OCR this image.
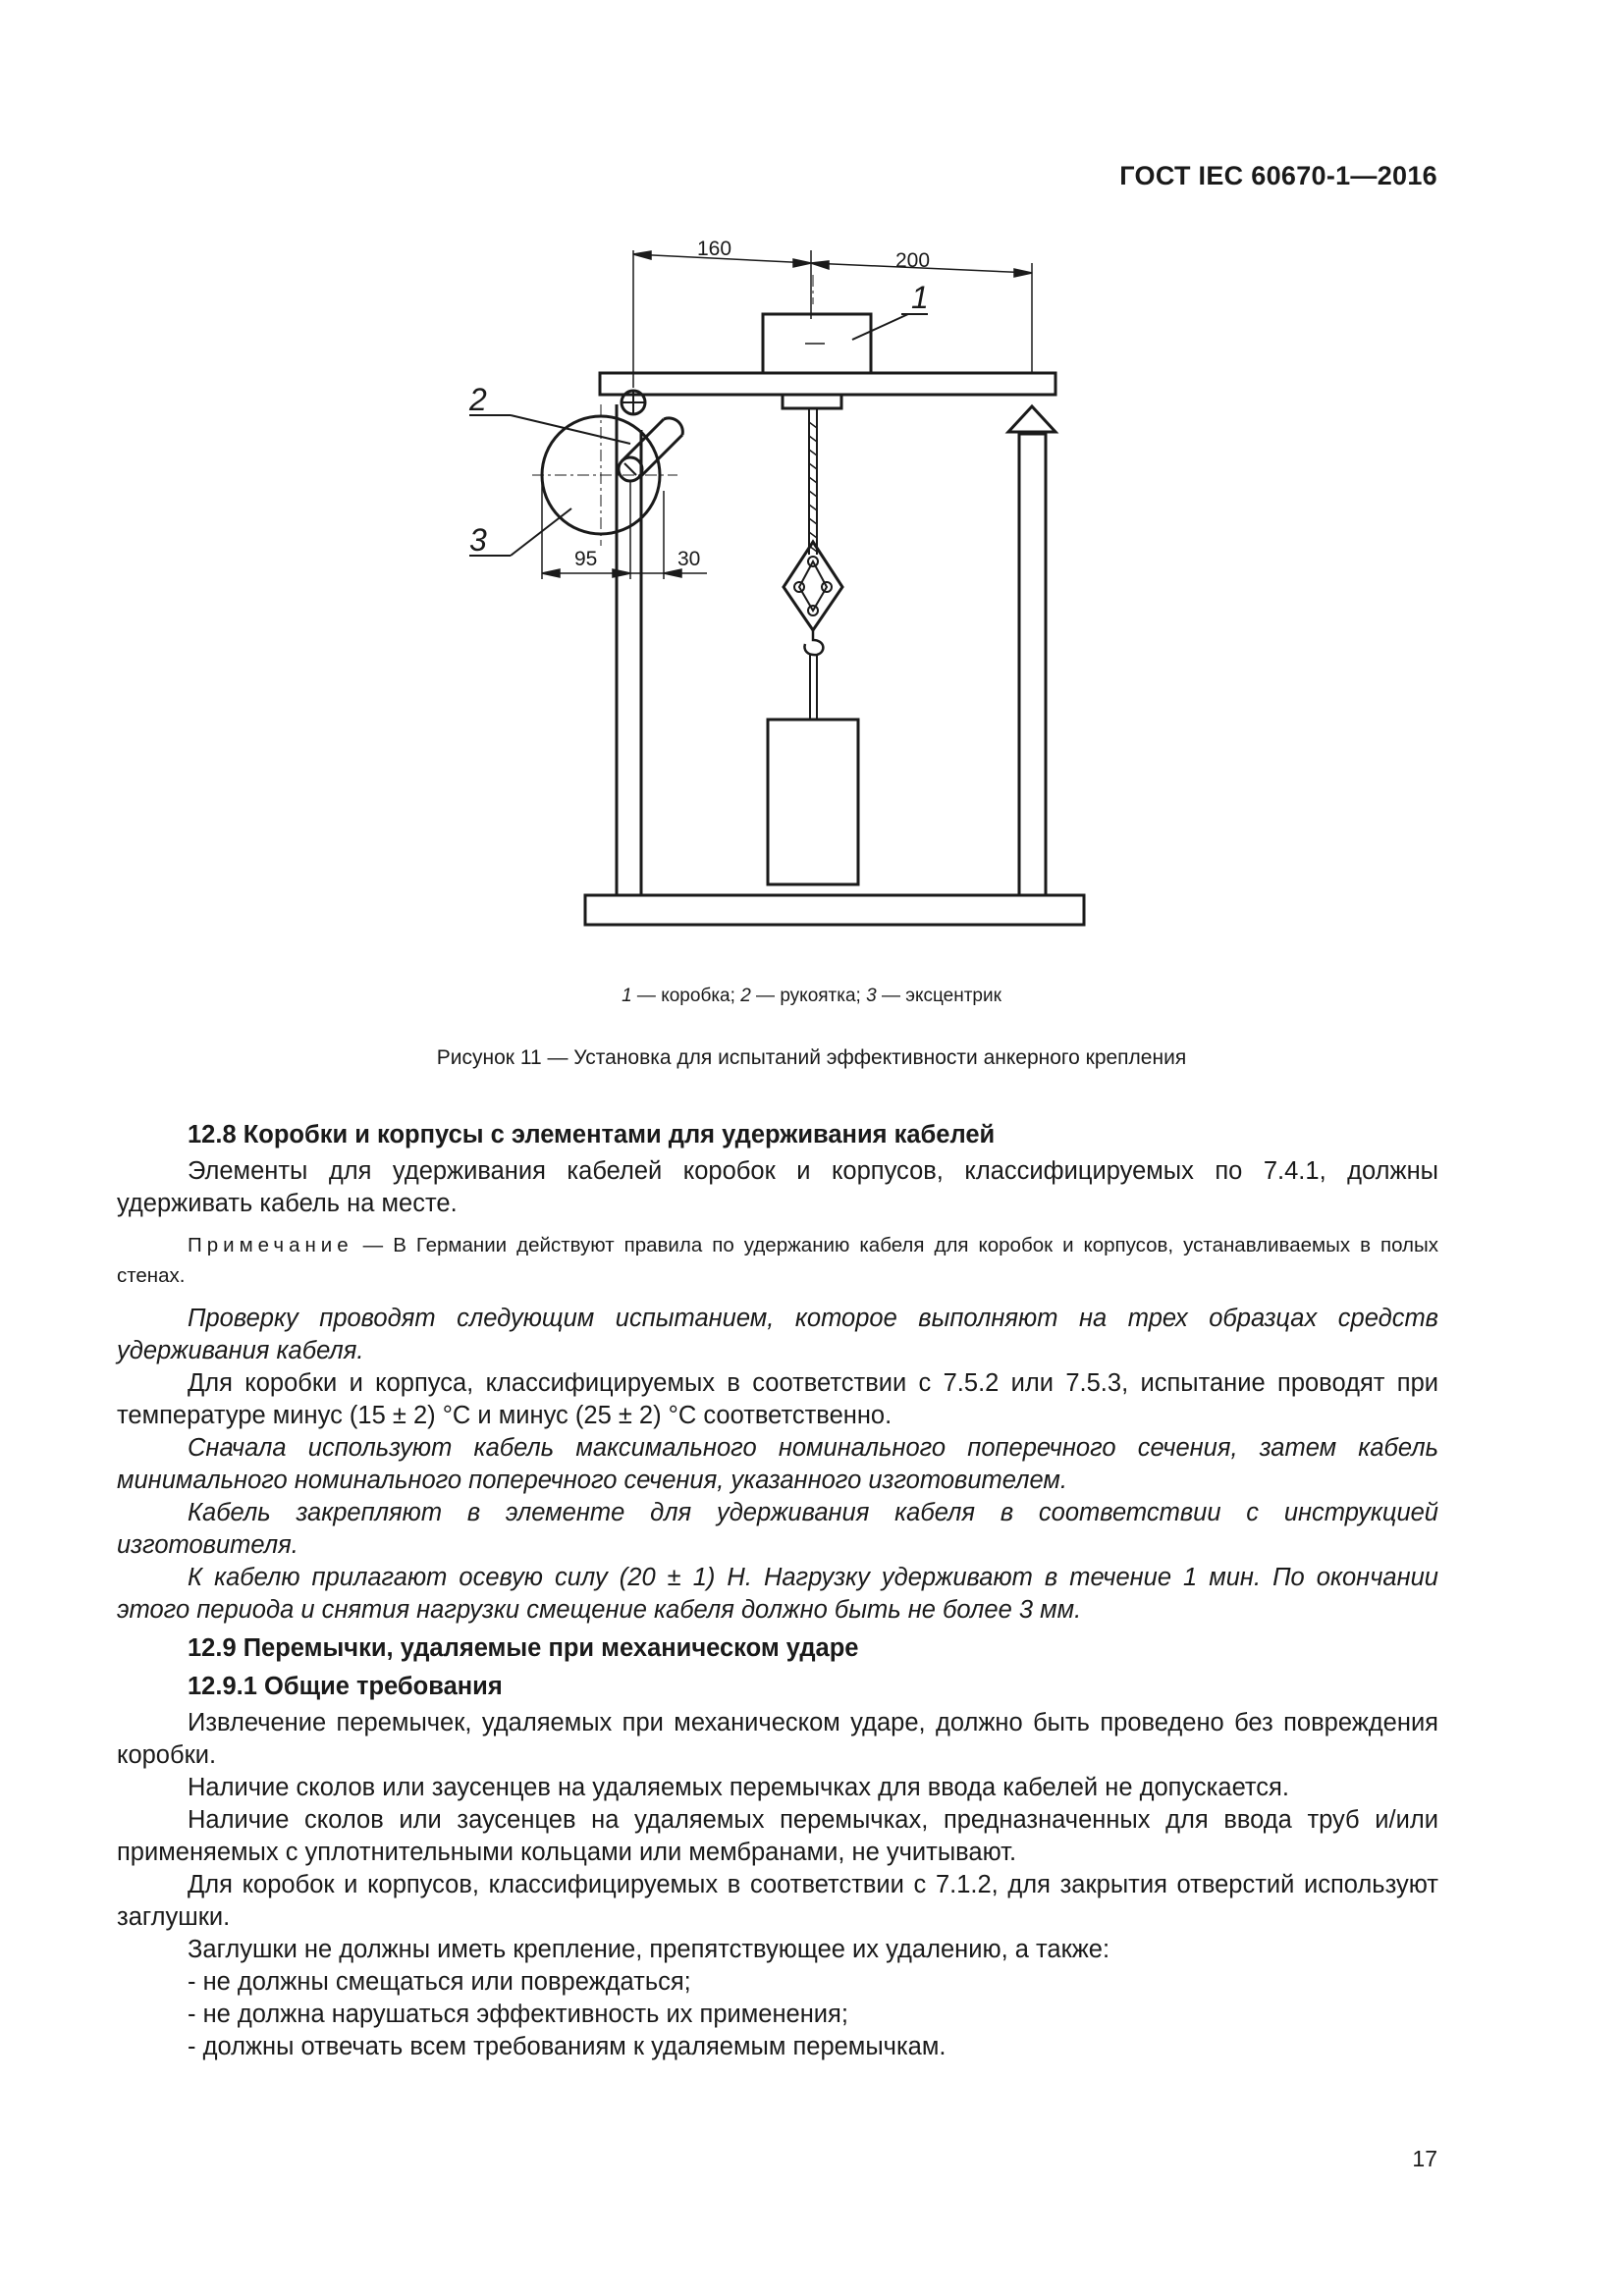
ГОСТ IEC 60670-1—2016
160
200
95	30
1
2
3
1 — коробка; 2 — рукоятка; 3 — эксцентрик
Рисунок 11 — Установка для испытаний эффективности анкерного крепления

12.8 Коробки и корпусы с элементами для удерживания кабелей

Элементы для удерживания кабелей коробок и корпусов, классифицируемых по 7.4.1, должны удерживать кабель на месте.

Примечание — В Германии действуют правила по удержанию кабеля для коробок и корпусов, устанавливаемых в полых стенах.

Проверку проводят следующим испытанием, которое выполняют на трех образцах средств удерживания кабеля.

Для коробки и корпуса, классифицируемых в соответствии с 7.5.2 или 7.5.3, испытание проводят при температуре минус (15 ± 2) °С и минус (25 ± 2) °С соответственно.

Сначала используют кабель максимального номинального поперечного сечения, затем кабель минимального номинального поперечного сечения, указанного изготовителем.

Кабель закрепляют в элементе для удерживания кабеля в соответствии с инструкцией изготовителя.

К кабелю прилагают осевую силу (20 ± 1) Н. Нагрузку удерживают в течение 1 мин. По окончании этого периода и снятия нагрузки смещение кабеля должно быть не более 3 мм.

12.9 Перемычки, удаляемые при механическом ударе

12.9.1 Общие требования

Извлечение перемычек, удаляемых при механическом ударе, должно быть проведено без повреждения коробки.

Наличие сколов или заусенцев на удаляемых перемычках для ввода кабелей не допускается.

Наличие сколов или заусенцев на удаляемых перемычках, предназначенных для ввода труб и/или применяемых с уплотнительными кольцами или мембранами, не учитывают.

Для коробок и корпусов, классифицируемых в соответствии с 7.1.2, для закрытия отверстий используют заглушки.

Заглушки не должны иметь крепление, препятствующее их удалению, а также:

- не должны смещаться или повреждаться;

- не должна нарушаться эффективность их применения;

- должны отвечать всем требованиям к удаляемым перемычкам.

17
